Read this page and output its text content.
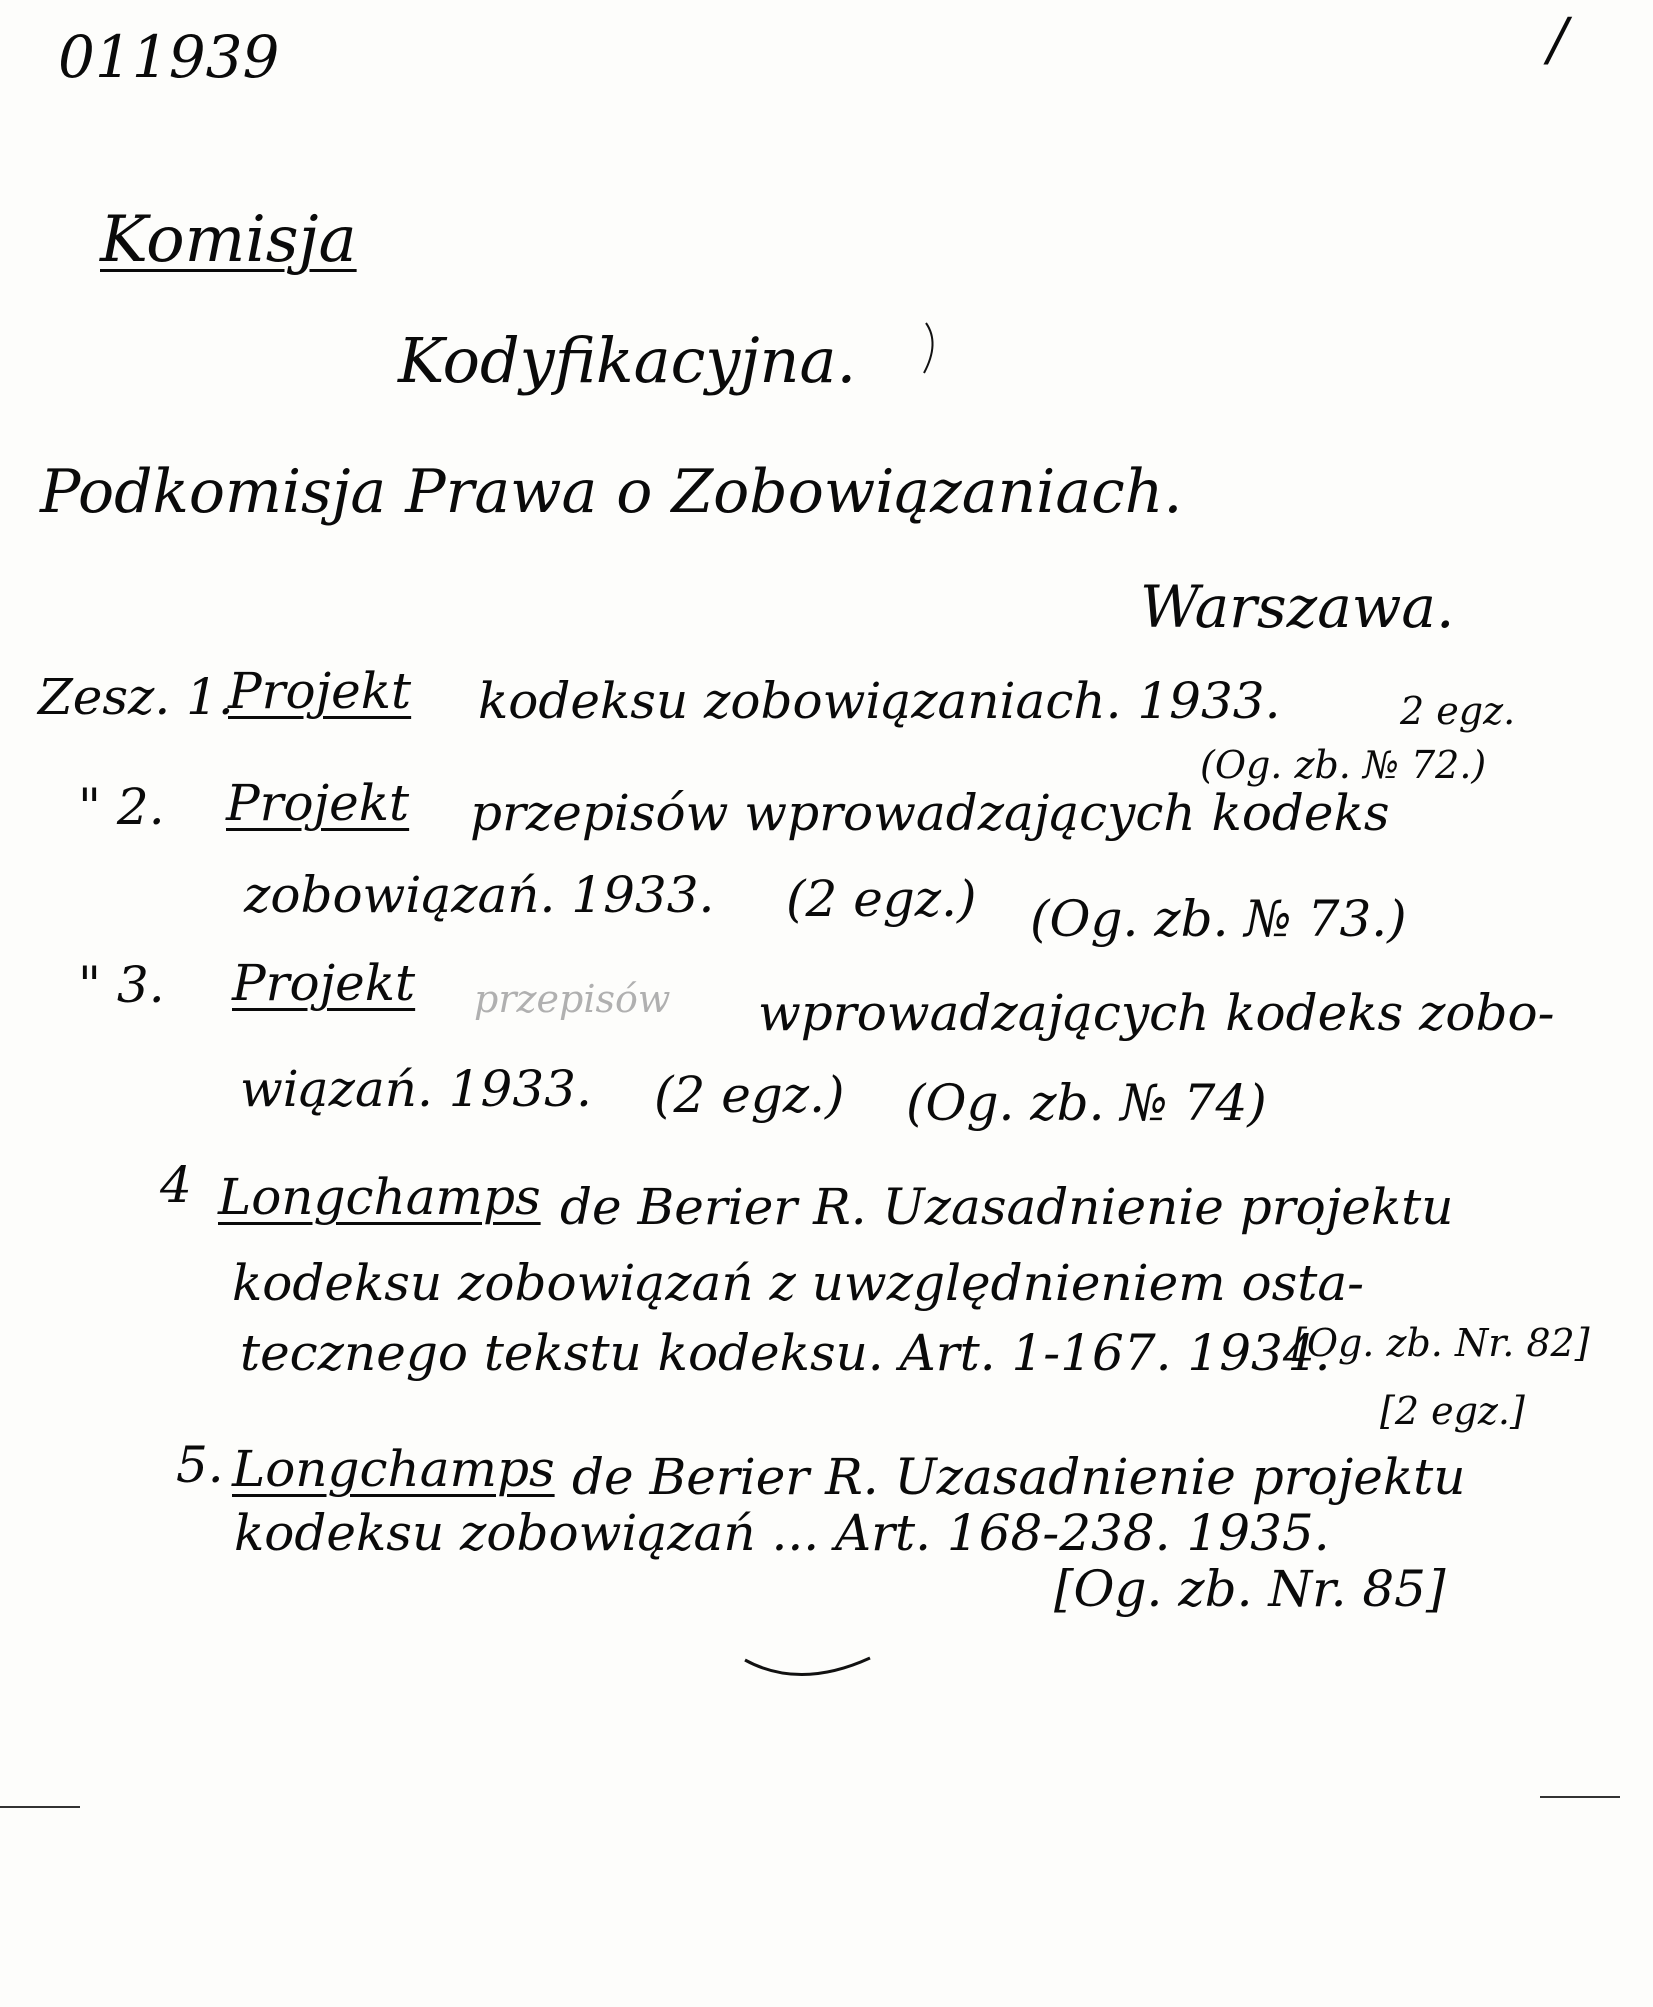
011939	/
Komisja
Kodyfikacyjna.
Podkomisja Prawa o Zobowiązaniach.
Warszawa.
Zesz. 1.
Projekt kodeksu zobowiązaniach. 1933.	2 egz.
(Og. zb. № 72.)
" 2. Projekt przepisów wprowadzających kodeks
zobowiązań. 1933. (2 egz.) (Og. zb. № 73.)
" 3. Projekt przepisów wprowadzających kodeks zobo-
wiązań. 1933. (2 egz.) (Og. zb. № 74)
4 Longchamps de Berier R. Uzasadnienie projektu
kodeksu zobowiązań z uwzględnieniem osta-
tecznego tekstu kodeksu. Art. 1-167. 1934.
[Og. zb. Nr. 82]
[2 egz.]
5. Longchamps de Berier R. Uzasadnienie projektu
kodeksu zobowiązań ... Art. 168-238. 1935.
[Og. zb. Nr. 85]
